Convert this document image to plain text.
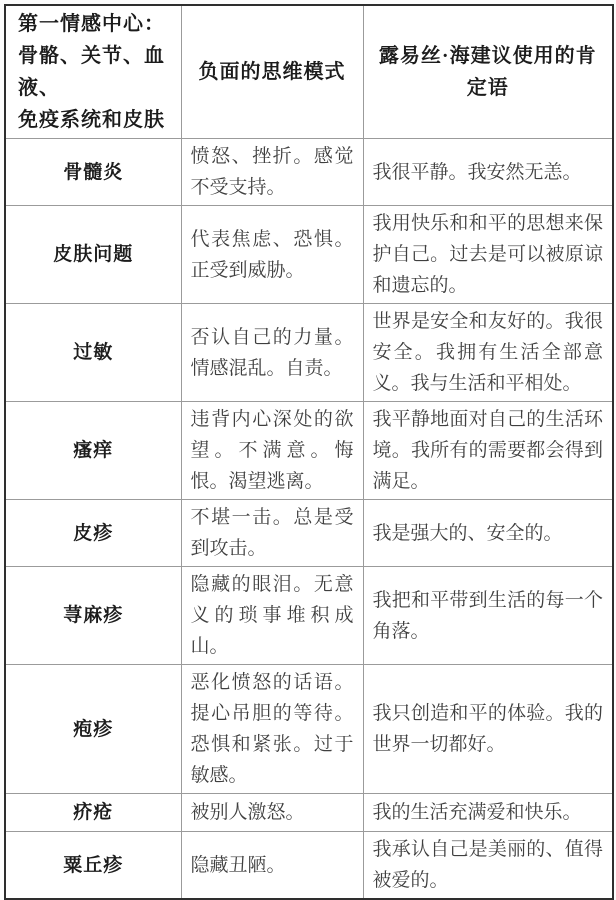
第一情感中心：
骨骼、关节、血液、
免疫系统和皮肤	负面的思维模式	露易丝·海建议使用的肯定语
骨髓炎	愤怒、挫折。感觉不受支持。	我很平静。我安然无恙。
皮肤问题	代表焦虑、恐惧。正受到威胁。	我用快乐和和平的思想来保护自己。过去是可以被原谅和遗忘的。
过敏	否认自己的力量。情感混乱。自责。	世界是安全和友好的。我很安全。我拥有生活全部意义。我与生活和平相处。
瘙痒	违背内心深处的欲望。不满意。悔恨。渴望逃离。	我平静地面对自己的生活环境。我所有的需要都会得到满足。
皮疹	不堪一击。总是受到攻击。	我是强大的、安全的。
荨麻疹	隐藏的眼泪。无意义的琐事堆积成山。	我把和平带到生活的每一个角落。
疱疹	恶化愤怒的话语。提心吊胆的等待。恐惧和紧张。过于敏感。	我只创造和平的体验。我的世界一切都好。
疥疮	被别人激怒。	我的生活充满爱和快乐。
粟丘疹	隐藏丑陋。	我承认自己是美丽的、值得被爱的。
